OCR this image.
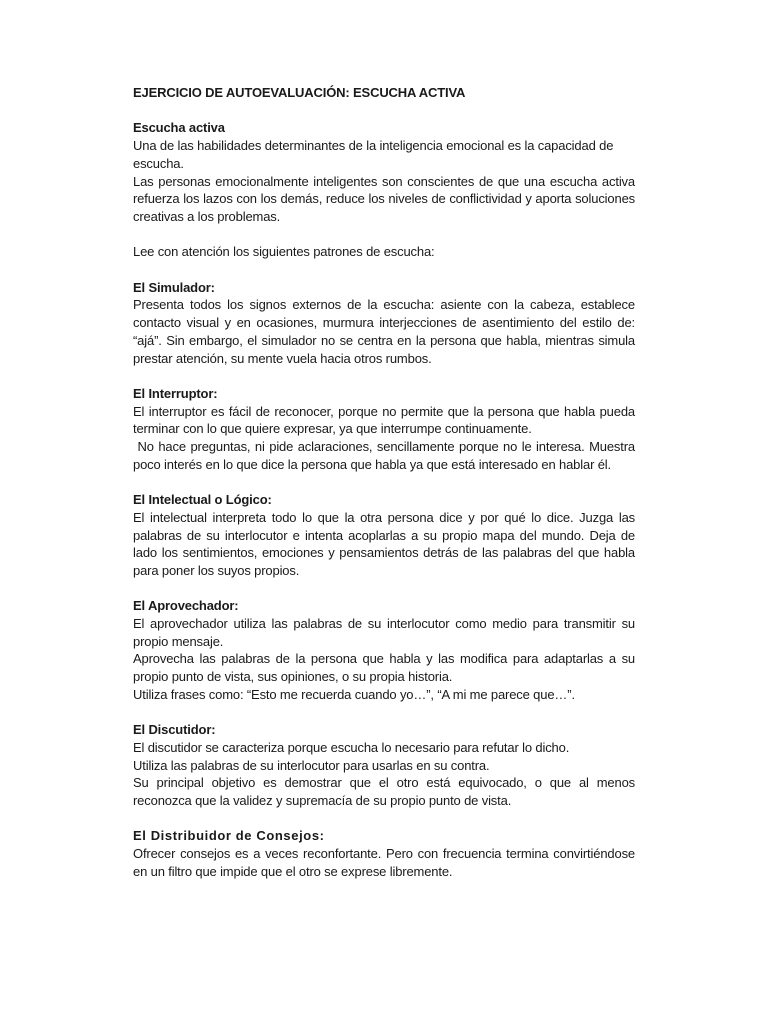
EJERCICIO DE AUTOEVALUACIÓN: ESCUCHA ACTIVA

Escucha activa

Una de las habilidades determinantes de la inteligencia emocional es la capacidad de escucha.

Las personas emocionalmente inteligentes son conscientes de que una escucha activa refuerza los lazos con los demás, reduce los niveles de conflictividad y aporta soluciones creativas a los problemas.

Lee con atención los siguientes patrones de escucha:

El Simulador:

Presenta todos los signos externos de la escucha: asiente con la cabeza, establece contacto visual y en ocasiones, murmura interjecciones de asentimiento del estilo de: “ajá”. Sin embargo, el simulador no se centra en la persona que habla, mientras simula prestar atención, su mente vuela hacia otros rumbos.

El Interruptor:

El interruptor es fácil de reconocer, porque no permite que la persona que habla pueda terminar con lo que quiere expresar, ya que interrumpe continuamente.

No hace preguntas, ni pide aclaraciones, sencillamente porque no le interesa. Muestra poco interés en lo que dice la persona que habla ya que está interesado en hablar él.

El Intelectual o Lógico:

El intelectual interpreta todo lo que la otra persona dice y por qué lo dice. Juzga las palabras de su interlocutor e intenta acoplarlas a su propio mapa del mundo. Deja de lado los sentimientos, emociones y pensamientos detrás de las palabras del que habla para poner los suyos propios.

El Aprovechador:

El aprovechador utiliza las palabras de su interlocutor como medio para transmitir su propio mensaje.

Aprovecha las palabras de la persona que habla y las modifica para adaptarlas a su propio punto de vista, sus opiniones, o su propia historia.

Utiliza frases como: “Esto me recuerda cuando yo…”, “A mi me parece que…”.

El Discutidor:

El discutidor se caracteriza porque escucha lo necesario para refutar lo dicho.

Utiliza las palabras de su interlocutor para usarlas en su contra.

Su principal objetivo es demostrar que el otro está equivocado, o que al menos reconozca que la validez y supremacía de su propio punto de vista.

El Distribuidor de Consejos:

Ofrecer consejos es a veces reconfortante. Pero con frecuencia termina convirtiéndose en un filtro que impide que el otro se exprese libremente.
